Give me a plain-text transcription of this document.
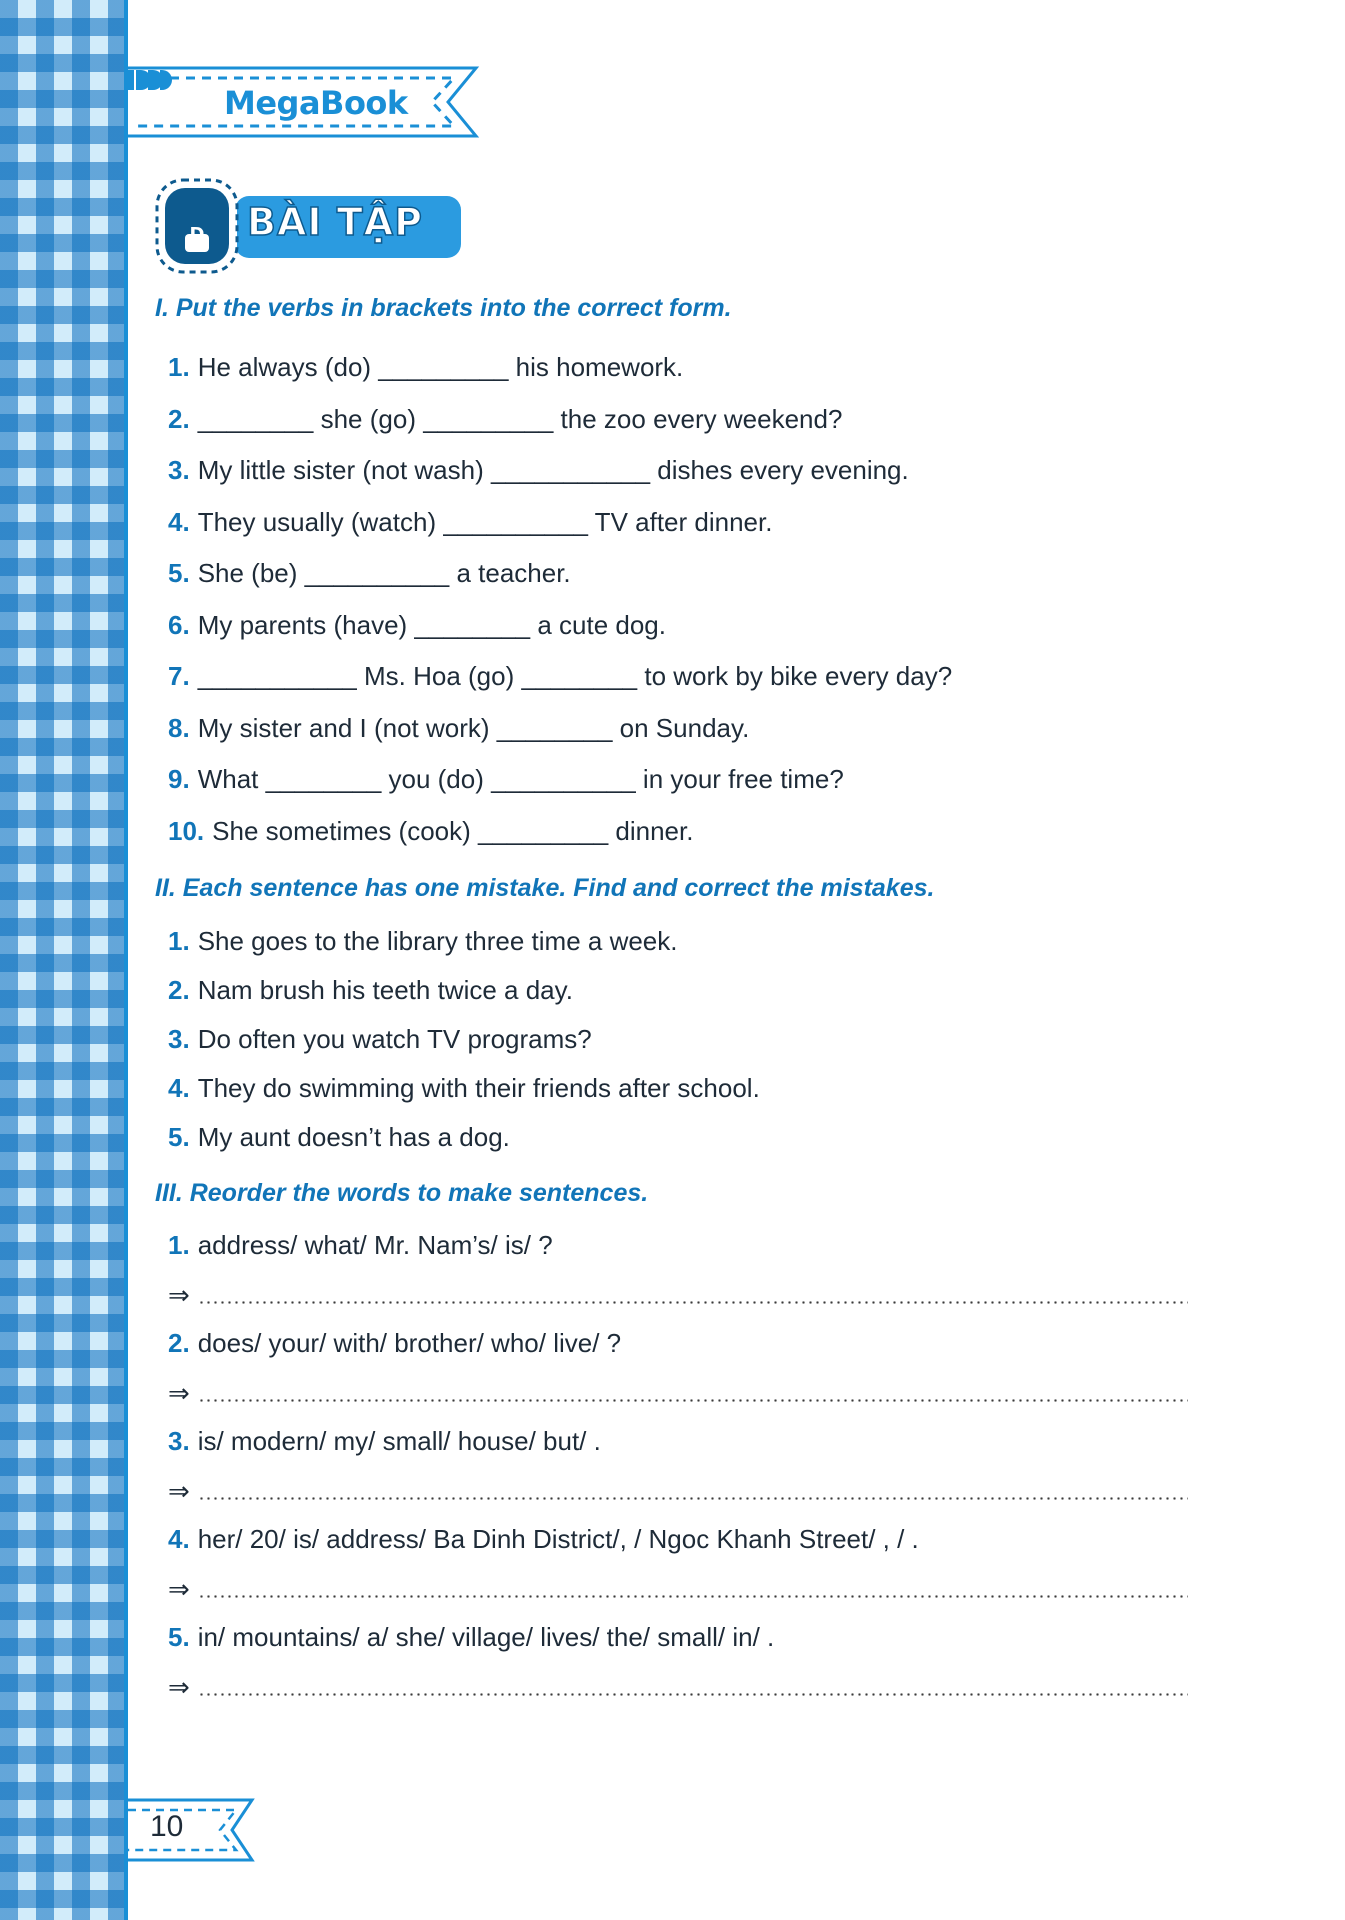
MegaBook
BÀI TẬP
I. Put the verbs in brackets into the correct form.
1. He always (do) _________ his homework.
2. ________ she (go) _________ the zoo every weekend?
3. My little sister (not wash) ___________ dishes every evening.
4. They usually (watch) __________ TV after dinner.
5. She (be) __________ a teacher.
6. My parents (have) ________ a cute dog.
7. ___________ Ms. Hoa (go) ________ to work by bike every day?
8. My sister and I (not work) ________ on Sunday.
9. What ________ you (do) __________ in your free time?
10. She sometimes (cook) _________ dinner.
II. Each sentence has one mistake. Find and correct the mistakes.
1. She goes to the library three time a week.
2. Nam brush his teeth twice a day.
3. Do often you watch TV programs?
4. They do swimming with their friends after school.
5. My aunt doesn’t has a dog.
III. Reorder the words to make sentences.
1. address/ what/ Mr. Nam’s/ is/ ?
⇒
2. does/ your/ with/ brother/ who/ live/ ?
⇒
3. is/ modern/ my/ small/ house/ but/ .
⇒
4. her/ 20/ is/ address/ Ba Dinh District/, / Ngoc Khanh Street/ , / .
⇒
5. in/ mountains/ a/ she/ village/ lives/ the/ small/ in/ .
⇒
10
